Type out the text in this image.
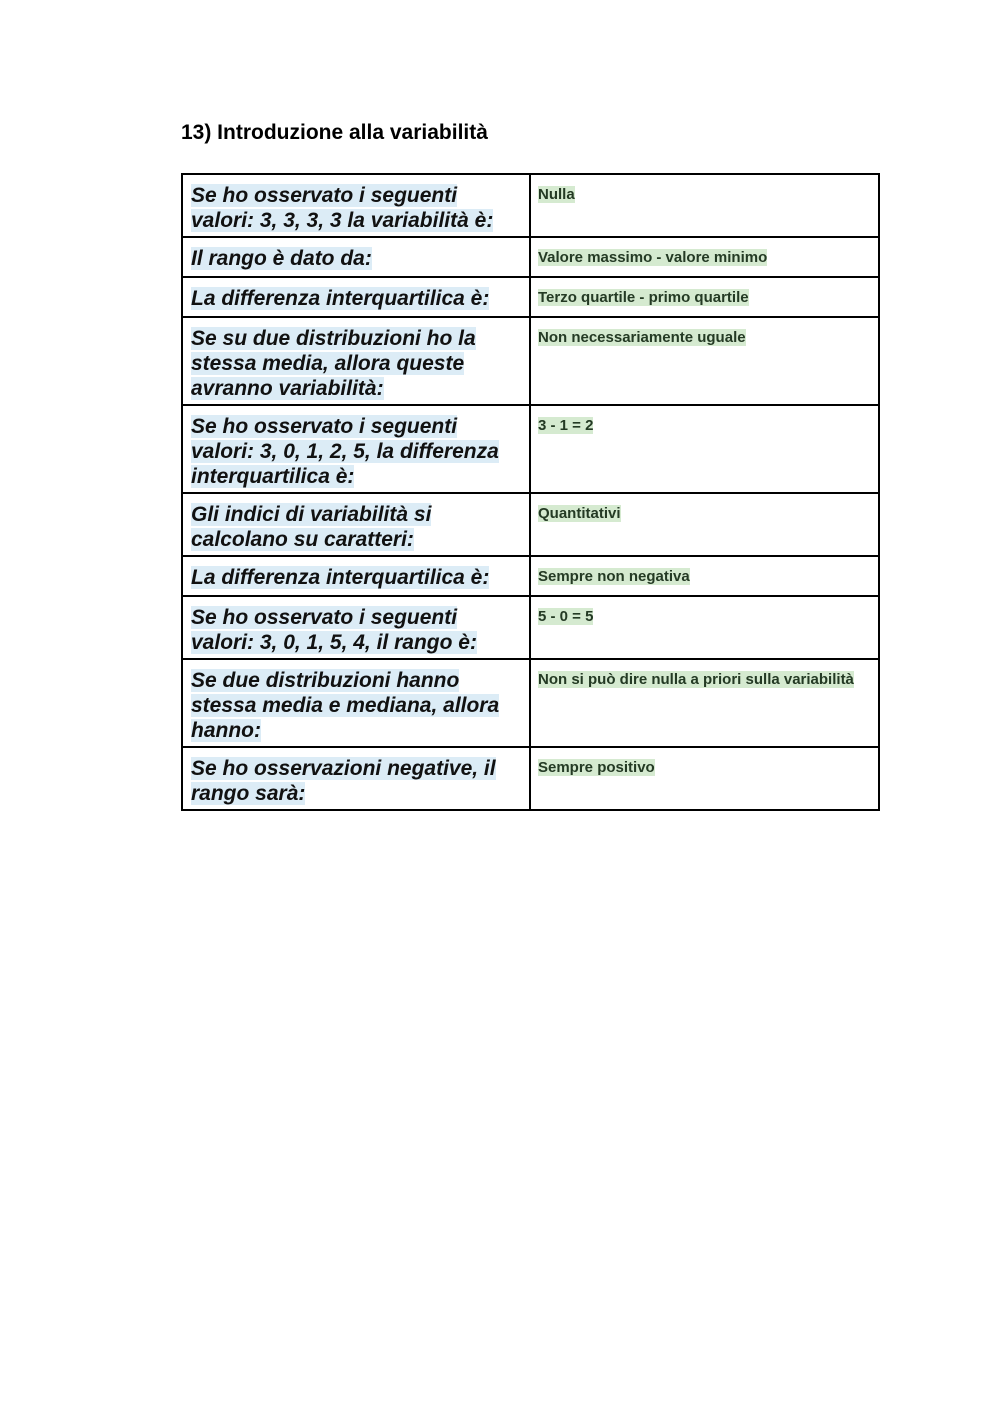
13) Introduzione alla variabilità
Se ho osservato i seguenti valori: 3, 3, 3, 3 la variabilità è:	Nulla
Il rango è dato da:	Valore massimo - valore minimo
La differenza interquartilica è:	Terzo quartile - primo quartile
Se su due distribuzioni ho la stessa media, allora queste avranno variabilità:	Non necessariamente uguale
Se ho osservato i seguenti valori: 3, 0, 1, 2, 5, la differenza interquartilica è:	3 - 1 = 2
Gli indici di variabilità si calcolano su caratteri:	Quantitativi
La differenza interquartilica è:	Sempre non negativa
Se ho osservato i seguenti valori: 3, 0, 1, 5, 4, il rango è:	5 - 0 = 5
Se due distribuzioni hanno stessa media e mediana, allora hanno:	Non si può dire nulla a priori sulla variabilità
Se ho osservazioni negative, il rango sarà:	Sempre positivo
